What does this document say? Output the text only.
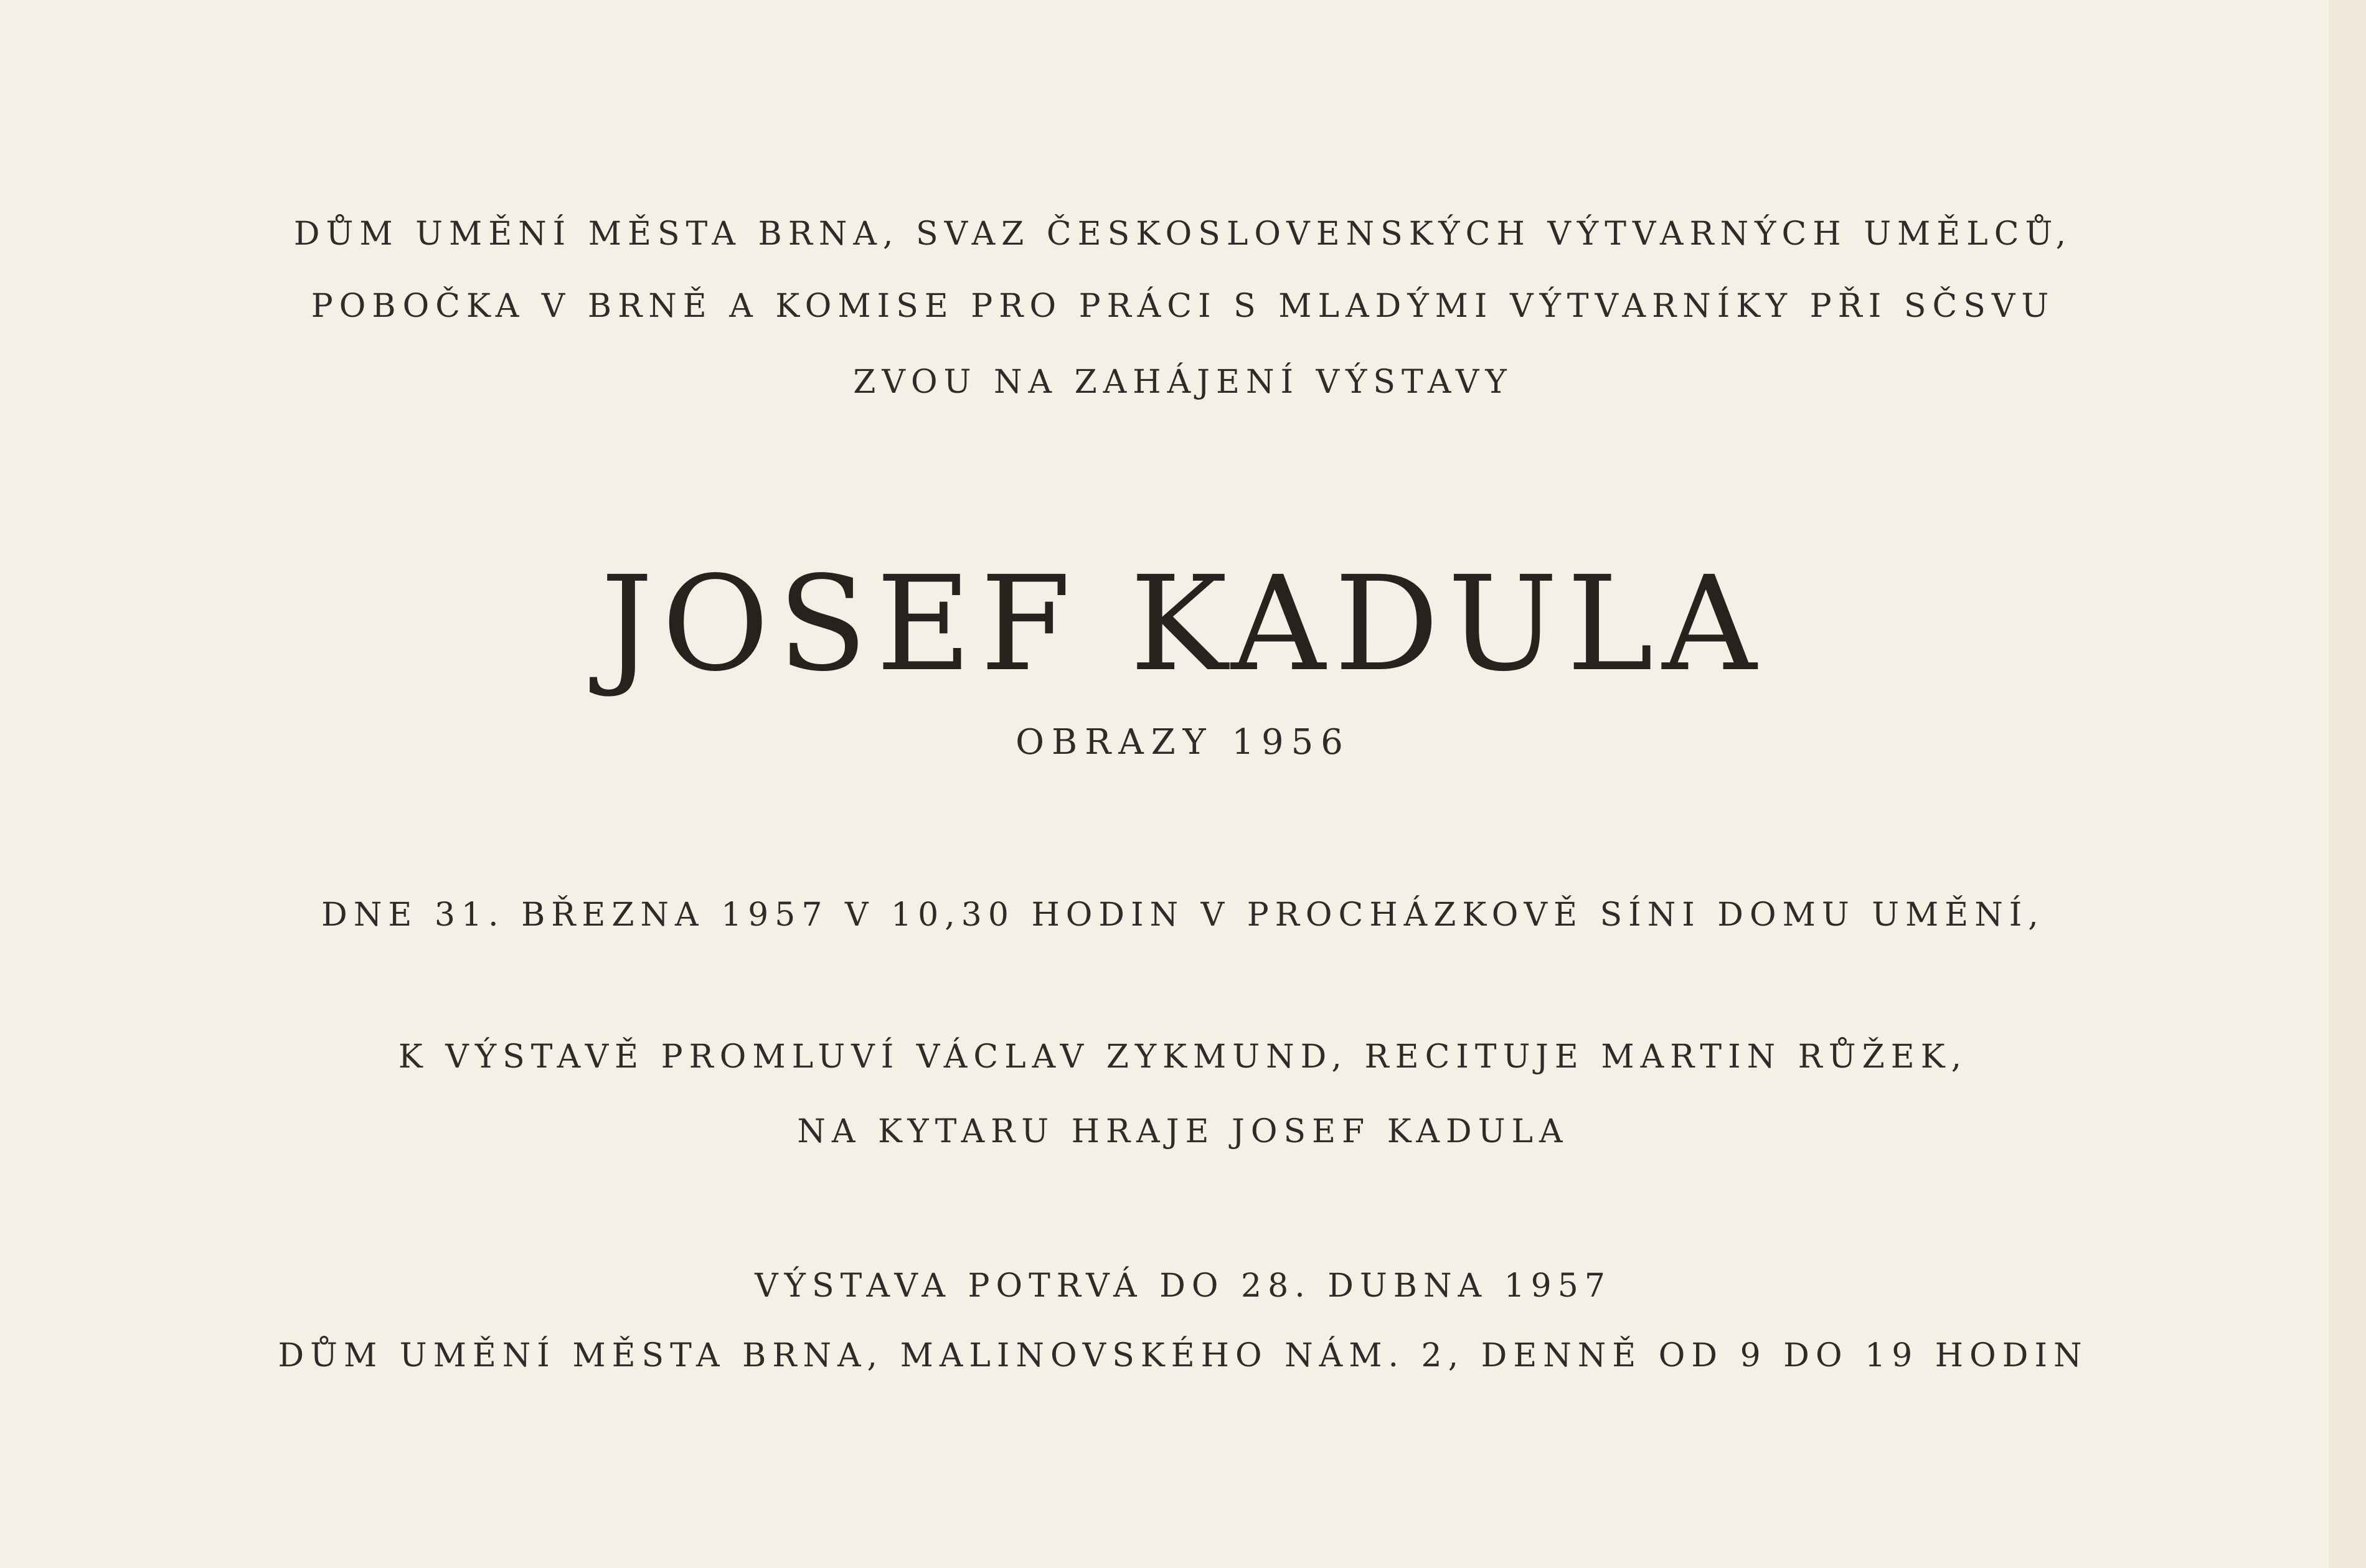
DŮM UMĚNÍ MĚSTA BRNA, SVAZ ČESKOSLOVENSKÝCH VÝTVARNÝCH UMĚLCŮ,
POBOČKA V BRNĚ A KOMISE PRO PRÁCI S MLADÝMI VÝTVARNÍKY PŘI SČSVU
ZVOU NA ZAHÁJENÍ VÝSTAVY
JOSEF KADULA
OBRAZY 1956
DNE 31. BŘEZNA 1957 V 10,30 HODIN V PROCHÁZKOVĚ SÍNI DOMU UMĚNÍ,
K VÝSTAVĚ PROMLUVÍ VÁCLAV ZYKMUND, RECITUJE MARTIN RŮŽEK,
NA KYTARU HRAJE JOSEF KADULA
VÝSTAVA POTRVÁ DO 28. DUBNA 1957
DŮM UMĚNÍ MĚSTA BRNA, MALINOVSKÉHO NÁM. 2, DENNĚ OD 9 DO 19 HODIN
